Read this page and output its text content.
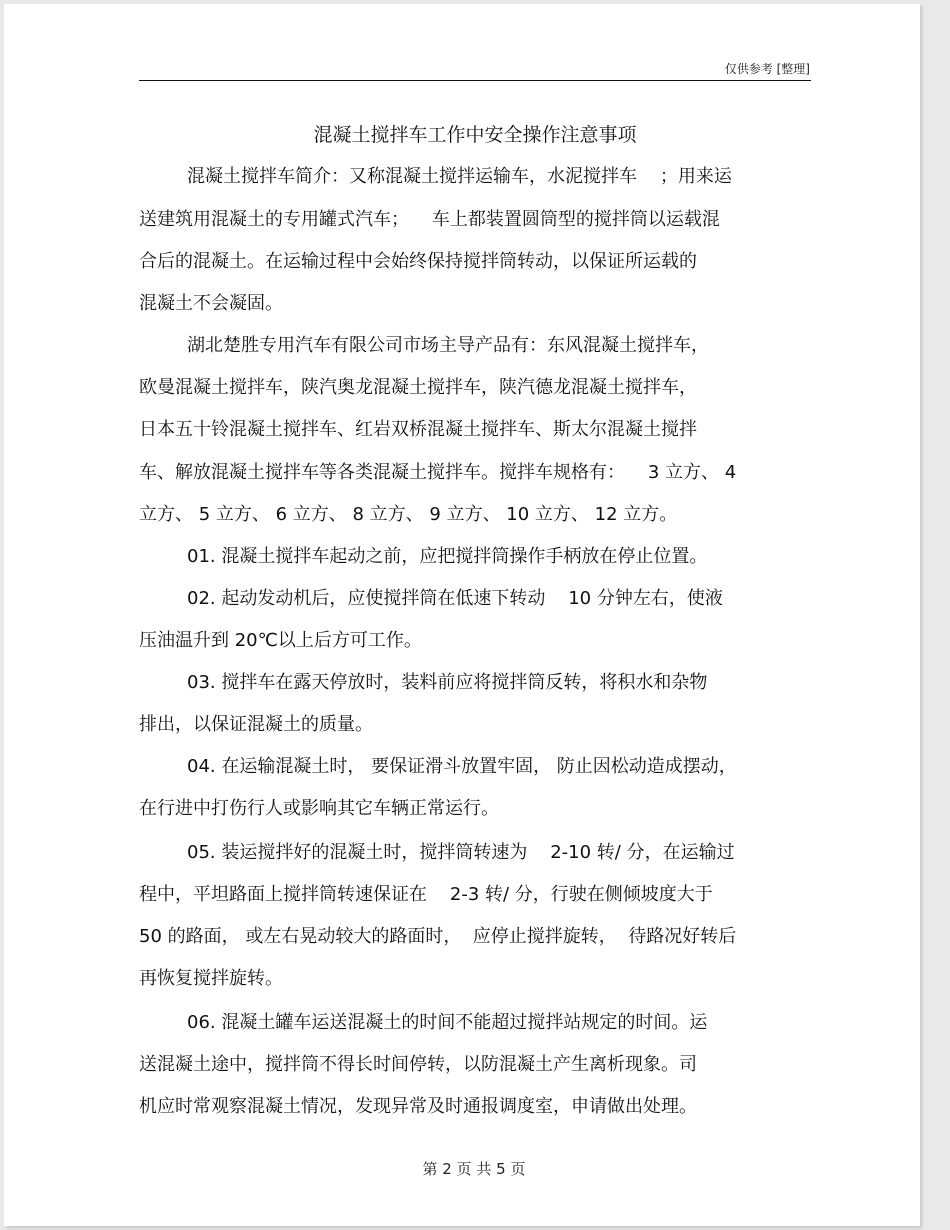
仅供参考 [整理]
混凝土搅拌车工作中安全操作注意事项
混凝土搅拌车简介：又称混凝土搅拌运输车，水泥搅拌车    ；用来运
送建筑用混凝土的专用罐式汽车；    车上都装置圆筒型的搅拌筒以运载混
合后的混凝土。在运输过程中会始终保持搅拌筒转动，以保证所运载的
混凝土不会凝固。
湖北楚胜专用汽车有限公司市场主导产品有：东风混凝土搅拌车，
欧曼混凝土搅拌车，陕汽奥龙混凝土搅拌车，陕汽德龙混凝土搅拌车，
日本五十铃混凝土搅拌车、红岩双桥混凝土搅拌车、斯太尔混凝土搅拌
车、解放混凝土搅拌车等各类混凝土搅拌车。搅拌车规格有：    3 立方、 4
立方、 5 立方、 6 立方、 8 立方、 9 立方、 10 立方、 12 立方。
01. 混凝土搅拌车起动之前，应把搅拌筒操作手柄放在停止位置。
02. 起动发动机后，应使搅拌筒在低速下转动    10 分钟左右，使液
压油温升到 20℃以上后方可工作。
03. 搅拌车在露天停放时，装料前应将搅拌筒反转，将积水和杂物
排出，以保证混凝土的质量。
04. 在运输混凝土时， 要保证滑斗放置牢固， 防止因松动造成摆动，
在行进中打伤行人或影响其它车辆正常运行。
05. 装运搅拌好的混凝土时，搅拌筒转速为    2-10 转/ 分，在运输过
程中，平坦路面上搅拌筒转速保证在    2-3 转/ 分，行驶在侧倾坡度大于
50 的路面， 或左右晃动较大的路面时，  应停止搅拌旋转，  待路况好转后
再恢复搅拌旋转。
06. 混凝土罐车运送混凝土的时间不能超过搅拌站规定的时间。运
送混凝土途中，搅拌筒不得长时间停转，以防混凝土产生离析现象。司
机应时常观察混凝土情况，发现异常及时通报调度室，申请做出处理。
第 2 页 共 5 页
